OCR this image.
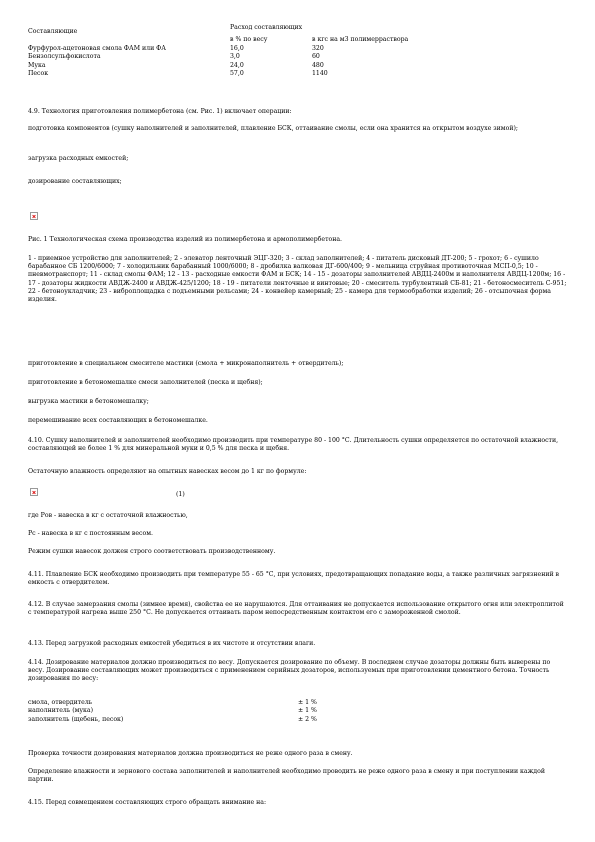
Составляющие	Расход составляющих	
	в % по весу	в кгс на м3 полимерраствора
Фурфурол-ацетоновая смола ФАМ или ФА	16,0	320
Бензолсульфокислота	3,0	60
Мука	24,0	480
Песок	57,0	1140

4.9. Технология приготовления полимербетона (см. Рис. 1) включает операции:

подготовка компонентов (сушку наполнителей и заполнителей, плавление БСК, оттаивание смолы, если она хранится на открытом воздухе зимой);

загрузка расходных емкостей;

дозирование составляющих;

Рис. 1 Технологическая схема производства изделий из полимербетона и армополимербетона.

1 - приемное устройство для заполнителей; 2 - элеватор ленточный ЭЦГ-320; 3 - склад заполнителей; 4 - питатель дисковый ДТ-200; 5 - грохот; 6 - сушило барабанное СБ 1200/6000; 7 - холодильник барабанный 1000/6000; 8 - дробилка валковая ДГ-600/400; 9 - мельница струйная противоточная МСП-0,5; 10 - пневмотранспорт; 11 - склад смолы ФАМ; 12 - 13 - расходные емкости ФАМ и БСК; 14 - 15 - дозаторы заполнителей АВДЦ-2400м и наполнителя АВДЦ-1200м; 16 - 17 - дозаторы жидкости АВДЖ-2400 и АВДЖ-425/1200; 18 - 19 - питатели ленточные и винтовые; 20 - смеситель турбулентный СБ-81; 21 - бетоносмеситель С-951; 22 - бетоноукладчик; 23 - виброплощадка с подъемными рельсами; 24 - конвейер камерный; 25 - камера для термообработки изделий; 26 - отсыпочная форма изделия.

приготовление в специальном смесителе мастики (смола + микронаполнитель + отвердитель);

приготовление в бетономешалке смеси заполнителей (песка и щебня);

выгрузка мастики в бетономешалку;

перемешивание всех составляющих в бетономешалке.

4.10. Сушку наполнителей и заполнителей необходимо производить при температуре 80 - 100 °С. Длительность сушки определяется по остаточной влажности, составляющей не более 1 % для минеральной муки и 0,5 % для песка и щебня.

Остаточную влажность определяют на опытных навесках весом до 1 кг по формуле:

(1)

где Ров - навеска в кг с остаточной влажностью,

Рс - навеска в кг с постоянным весом.

Режим сушки навесок должен строго соответствовать производственному.

4.11. Плавление БСК необходимо производить при температуре 55 - 65 °С, при условиях, предотвращающих попадание воды, а также различных загрязнений в емкость с отвердителем.

4.12. В случае замерзания смолы (зимнее время), свойства ее не нарушаются. Для оттаивания не допускается использование открытого огня или электроплитой с температурой нагрева выше 250 °С. Не допускается оттаивать паром непосредственным контактом его с замороженной смолой.

4.13. Перед загрузкой расходных емкостей убедиться в их чистоте и отсутствии влаги.

4.14. Дозирование материалов должно производиться по весу. Допускается дозирование по объему. В последнем случае дозаторы должны быть выверены по весу. Дозирование составляющих может производиться с применением серийных дозаторов, используемых при приготовлении цементного бетона. Точность дозирования по весу:

смола, отвердитель	± 1 %
наполнитель (мука)	± 1 %
заполнитель (щебень, песок)	± 2 %

Проверка точности дозирования материалов должна производиться не реже одного раза в смену.

Определение влажности и зернового состава заполнителей и наполнителей необходимо проводить не реже одного раза в смену и при поступлении каждой партии.

4.15. Перед совмещением составляющих строго обращать внимание на:
